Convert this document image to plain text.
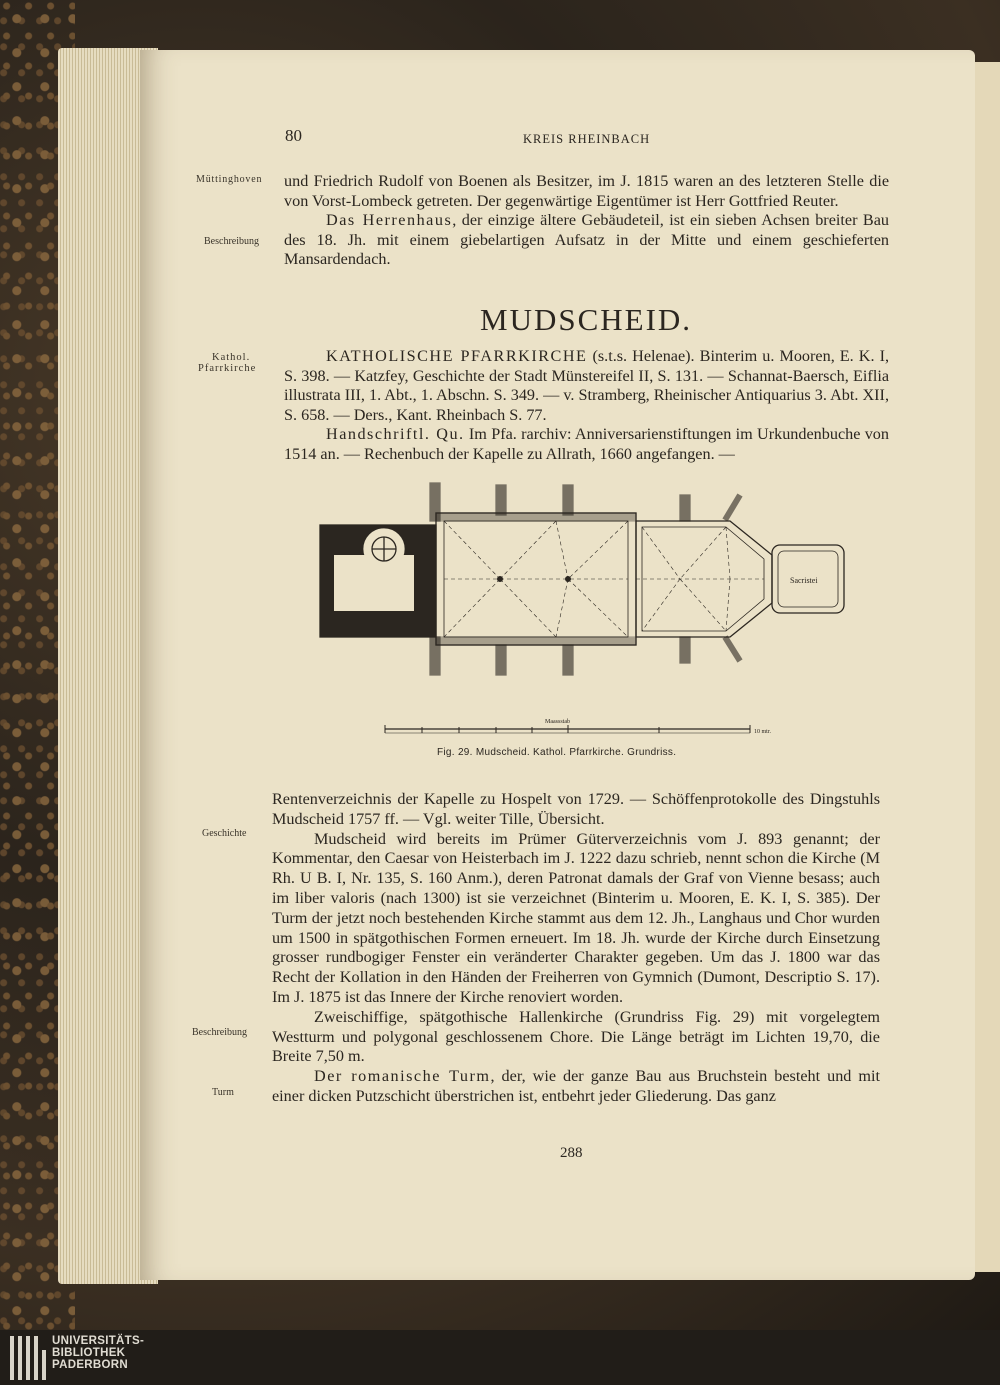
80	KREIS RHEINBACH
Müttinghoven und Friedrich Rudolf von Boenen als Besitzer, im J. 1815 waren an des letzteren Stelle die von Vorst-Lombeck getreten. Der gegenwärtige Eigentümer ist Herr Gottfried Reuter.

Das Herrenhaus, der einzige ältere Gebäudeteil, ist ein sieben Achsen breiter Bau des 18. Jh. mit einem giebelartigen Aufsatz in der Mitte und einem geschieferten Mansardendach.

Beschreibung
MUDSCHEID.
Kathol.
Pfarrkirche

KATHOLISCHE PFARRKIRCHE (s.t.s. Helenae). Binterim u. Mooren, E. K. I, S. 398. — Katzfey, Geschichte der Stadt Münstereifel II, S. 131. — Schannat-Baersch, Eiflia illustrata III, 1. Abt., 1. Abschn. S. 349. — v. Stramberg, Rheinischer Antiquarius 3. Abt. XII, S. 658. — Ders., Kant. Rheinbach S. 77.

Handschriftl. Qu. Im Pfa. rarchiv: Anniversarienstiftungen im Urkundenbuche von 1514 an. — Rechenbuch der Kapelle zu Allrath, 1660 angefangen. —

Sacristei
Maassstab
10 mtr.
Fig. 29. Mudscheid. Kathol. Pfarrkirche. Grundriss.

Rentenverzeichnis der Kapelle zu Hospelt von 1729. — Schöffenprotokolle des Dingstuhls Mudscheid 1757 ff. — Vgl. weiter Tille, Übersicht.

Mudscheid wird bereits im Prümer Güterverzeichnis vom J. 893 genannt; der Kommentar, den Caesar von Heisterbach im J. 1222 dazu schrieb, nennt schon die Kirche (M Rh. U B. I, Nr. 135, S. 160 Anm.), deren Patronat damals der Graf von Vienne besass; auch im liber valoris (nach 1300) ist sie verzeichnet (Binterim u. Mooren, E. K. I, S. 385). Der Turm der jetzt noch bestehenden Kirche stammt aus dem 12. Jh., Langhaus und Chor wurden um 1500 in spätgothischen Formen erneuert. Im 18. Jh. wurde der Kirche durch Einsetzung grosser rundbogiger Fenster ein veränderter Charakter gegeben. Um das J. 1800 war das Recht der Kollation in den Händen der Freiherren von Gymnich (Dumont, Descriptio S. 17). Im J. 1875 ist das Innere der Kirche renoviert worden.

Zweischiffige, spätgothische Hallenkirche (Grundriss Fig. 29) mit vorgelegtem Westturm und polygonal geschlossenem Chore. Die Länge beträgt im Lichten 19,70, die Breite 7,50 m.

Der romanische Turm, der, wie der ganze Bau aus Bruchstein besteht und mit einer dicken Putzschicht überstrichen ist, entbehrt jeder Gliederung. Das ganz

Geschichte
Beschreibung
Turm
288
UNIVERSITÄTS-
BIBLIOTHEK
PADERBORN
